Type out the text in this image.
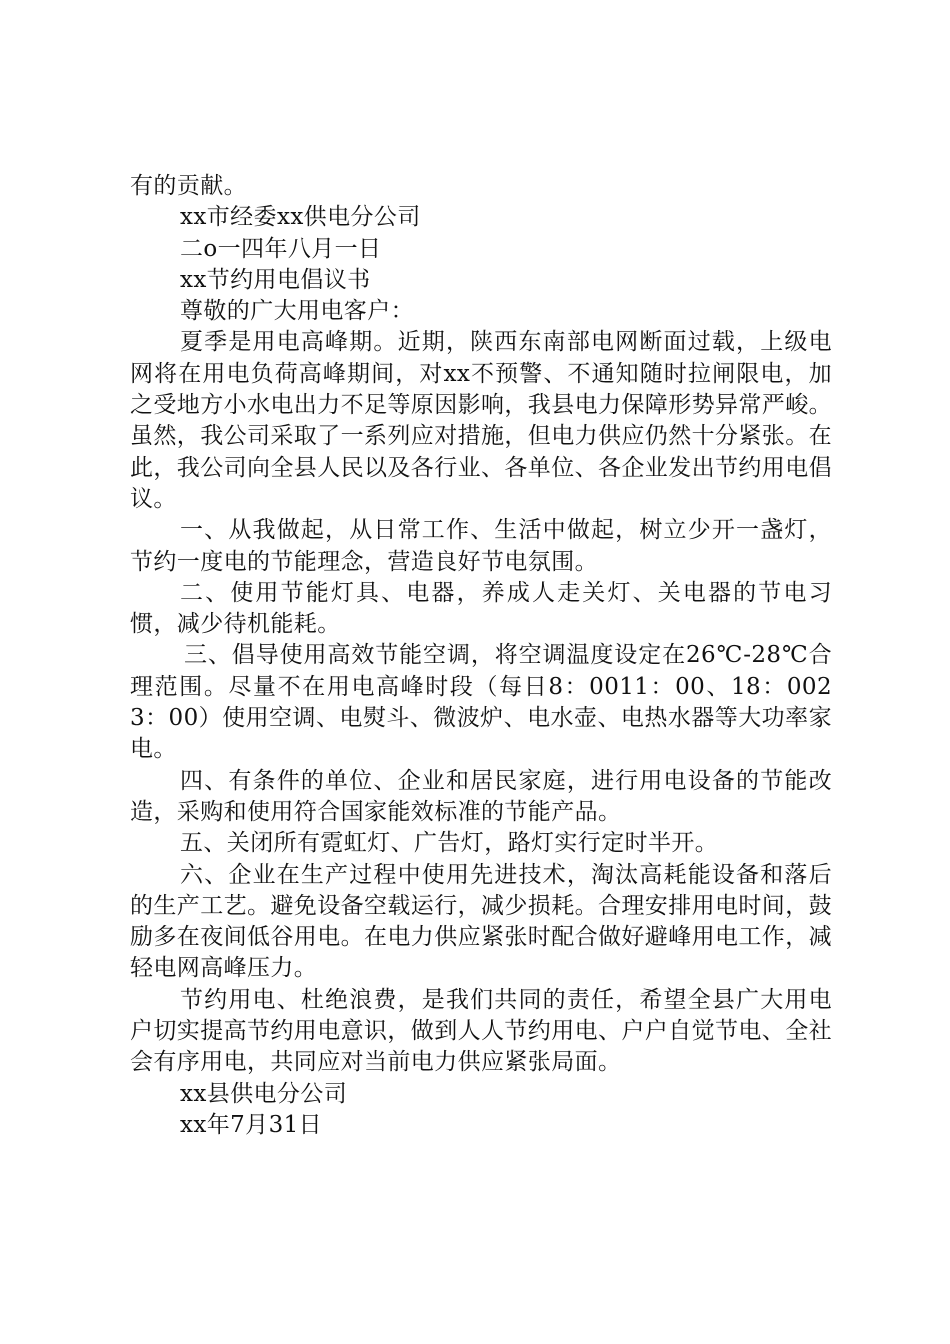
有的贡献。

xx市经委xx供电分公司

二o一四年八月一日

xx节约用电倡议书

尊敬的广大用电客户：

夏季是用电高峰期。近期，陕西东南部电网断面过载，上级电网将在用电负荷高峰期间，对xx不预警、不通知随时拉闸限电，加之受地方小水电出力不足等原因影响，我县电力保障形势异常严峻。虽然，我公司采取了一系列应对措施，但电力供应仍然十分紧张。在此，我公司向全县人民以及各行业、各单位、各企业发出节约用电倡议。

一、从我做起，从日常工作、生活中做起，树立少开一盏灯，节约一度电的节能理念，营造良好节电氛围。

二、使用节能灯具、电器，养成人走关灯、关电器的节电习惯，减少待机能耗。

三、倡导使用高效节能空调，将空调温度设定在26℃-28℃合理范围。尽量不在用电高峰时段（每日8：0011：00、18：0023：00）使用空调、电熨斗、微波炉、电水壶、电热水器等大功率家电。

四、有条件的单位、企业和居民家庭，进行用电设备的节能改造，采购和使用符合国家能效标准的节能产品。

五、关闭所有霓虹灯、广告灯，路灯实行定时半开。

六、企业在生产过程中使用先进技术，淘汰高耗能设备和落后的生产工艺。避免设备空载运行，减少损耗。合理安排用电时间，鼓励多在夜间低谷用电。在电力供应紧张时配合做好避峰用电工作，减轻电网高峰压力。

节约用电、杜绝浪费，是我们共同的责任，希望全县广大用电户切实提高节约用电意识，做到人人节约用电、户户自觉节电、全社会有序用电，共同应对当前电力供应紧张局面。

xx县供电分公司

xx年7月31日
